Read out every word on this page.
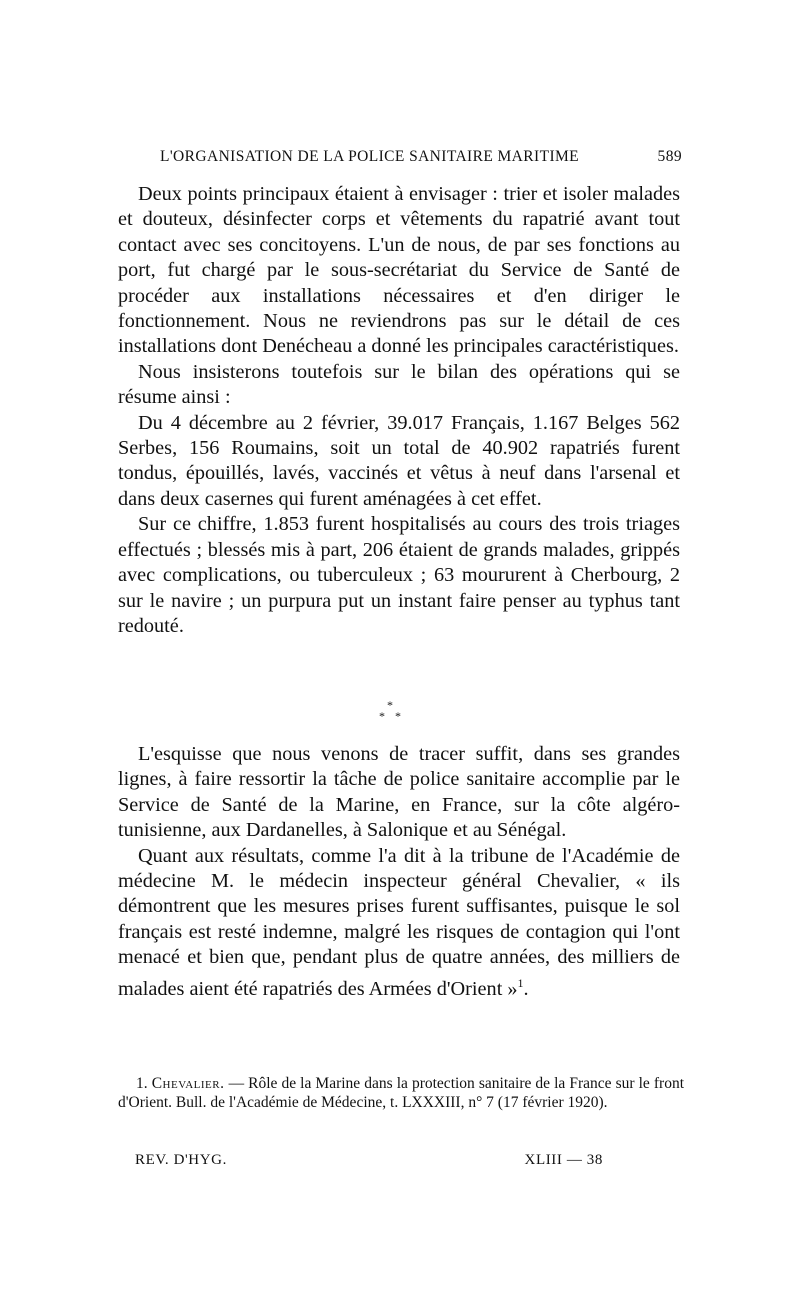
L'ORGANISATION DE LA POLICE SANITAIRE MARITIME	589

Deux points principaux étaient à envisager : trier et isoler malades et douteux, désinfecter corps et vêtements du rapatrié avant tout contact avec ses concitoyens. L'un de nous, de par ses fonctions au port, fut chargé par le sous-secrétariat du Service de Santé de procéder aux installations nécessaires et d'en diriger le fonctionnement. Nous ne reviendrons pas sur le détail de ces installations dont Denécheau a donné les principales caractéristiques.

Nous insisterons toutefois sur le bilan des opérations qui se résume ainsi :

Du 4 décembre au 2 février, 39.017 Français, 1.167 Belges 562 Serbes, 156 Roumains, soit un total de 40.902 rapatriés furent tondus, épouillés, lavés, vaccinés et vêtus à neuf dans l'arsenal et dans deux casernes qui furent aménagées à cet effet.

Sur ce chiffre, 1.853 furent hospitalisés au cours des trois triages effectués ; blessés mis à part, 206 étaient de grands malades, grippés avec complications, ou tuberculeux ; 63 moururent à Cherbourg, 2 sur le navire ; un purpura put un instant faire penser au typhus tant redouté.

*
**

L'esquisse que nous venons de tracer suffit, dans ses grandes lignes, à faire ressortir la tâche de police sanitaire accomplie par le Service de Santé de la Marine, en France, sur la côte algéro-tunisienne, aux Dardanelles, à Salonique et au Sénégal.

Quant aux résultats, comme l'a dit à la tribune de l'Académie de médecine M. le médecin inspecteur général Chevalier, « ils démontrent que les mesures prises furent suffisantes, puisque le sol français est resté indemne, malgré les risques de contagion qui l'ont menacé et bien que, pendant plus de quatre années, des milliers de malades aient été rapatriés des Armées d'Orient »$^1$.

1. Chevalier. — Rôle de la Marine dans la protection sanitaire de la France sur le front d'Orient. Bull. de l'Académie de Médecine, t. LXXXIII, n° 7 (17 février 1920).

REV. D'HYG.	XLIII — 38
